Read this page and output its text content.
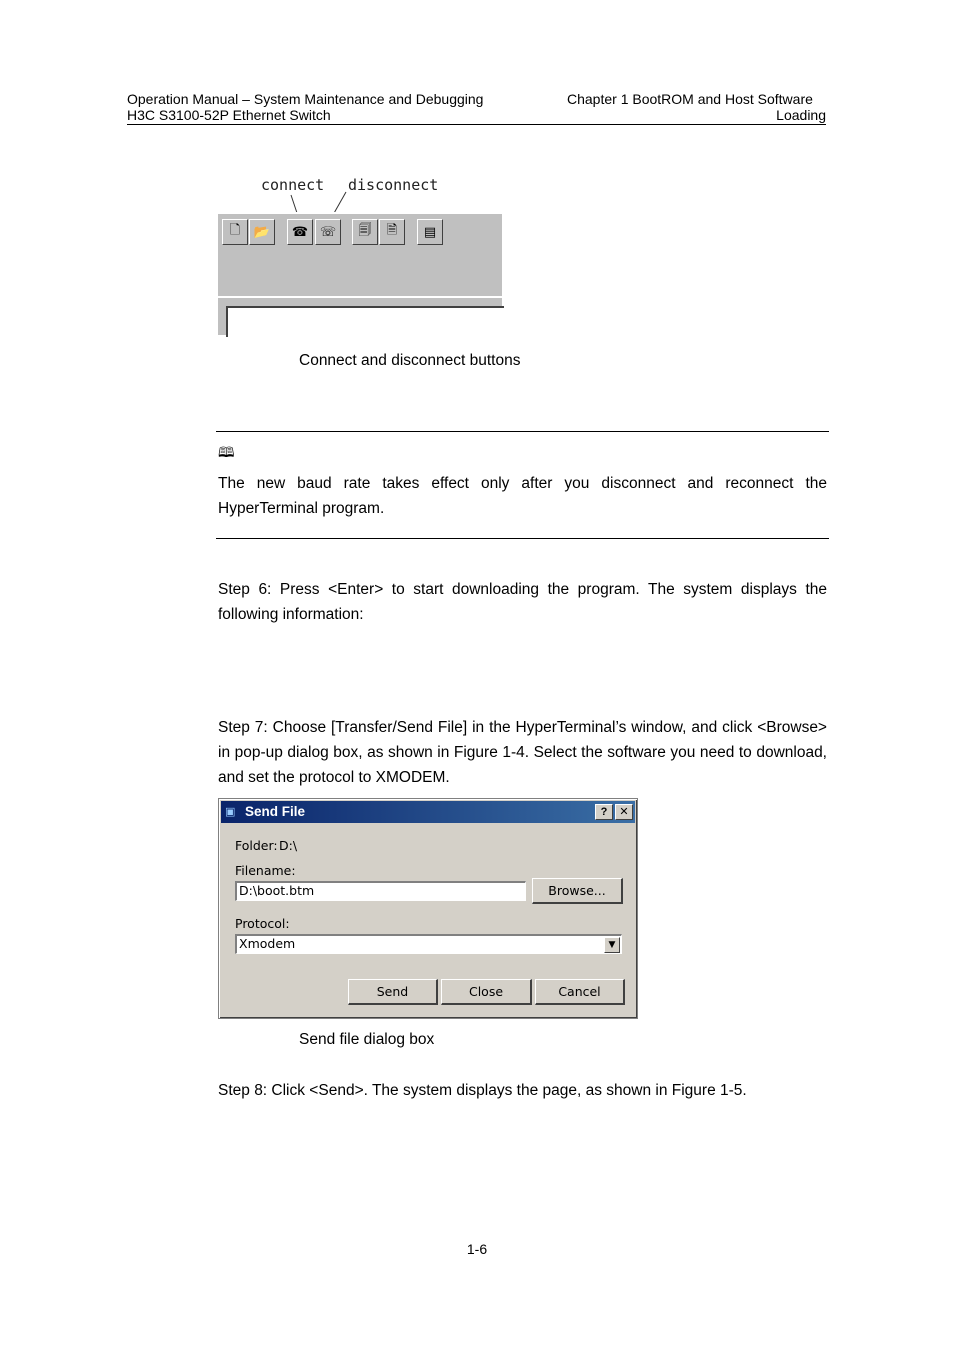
Operation Manual – System Maintenance and Debugging
H3C S3100-52P Ethernet Switch
Chapter 1 BootROM and Host Software
Loading
connect disconnect
🗋	📂	☎ ☏	🗐	🗎	▤
Connect and disconnect buttons
🕮
The new baud rate takes effect only after you disconnect and reconnect the HyperTerminal program.
Step 6: Press <Enter> to start downloading the program. The system displays the following information:
Step 7: Choose [Transfer/Send File] in the HyperTerminal’s window, and click <Browse> in pop-up dialog box, as shown in Figure 1-4. Select the software you need to download, and set the protocol to XMODEM.
▣ Send File	?	✕
Folder: D:\
Filename:
D:\boot.btm	Browse...
Protocol:
Xmodem	▼
Send	Close	Cancel
Send file dialog box
Step 8: Click <Send>. The system displays the page, as shown in Figure 1-5.
1-6
